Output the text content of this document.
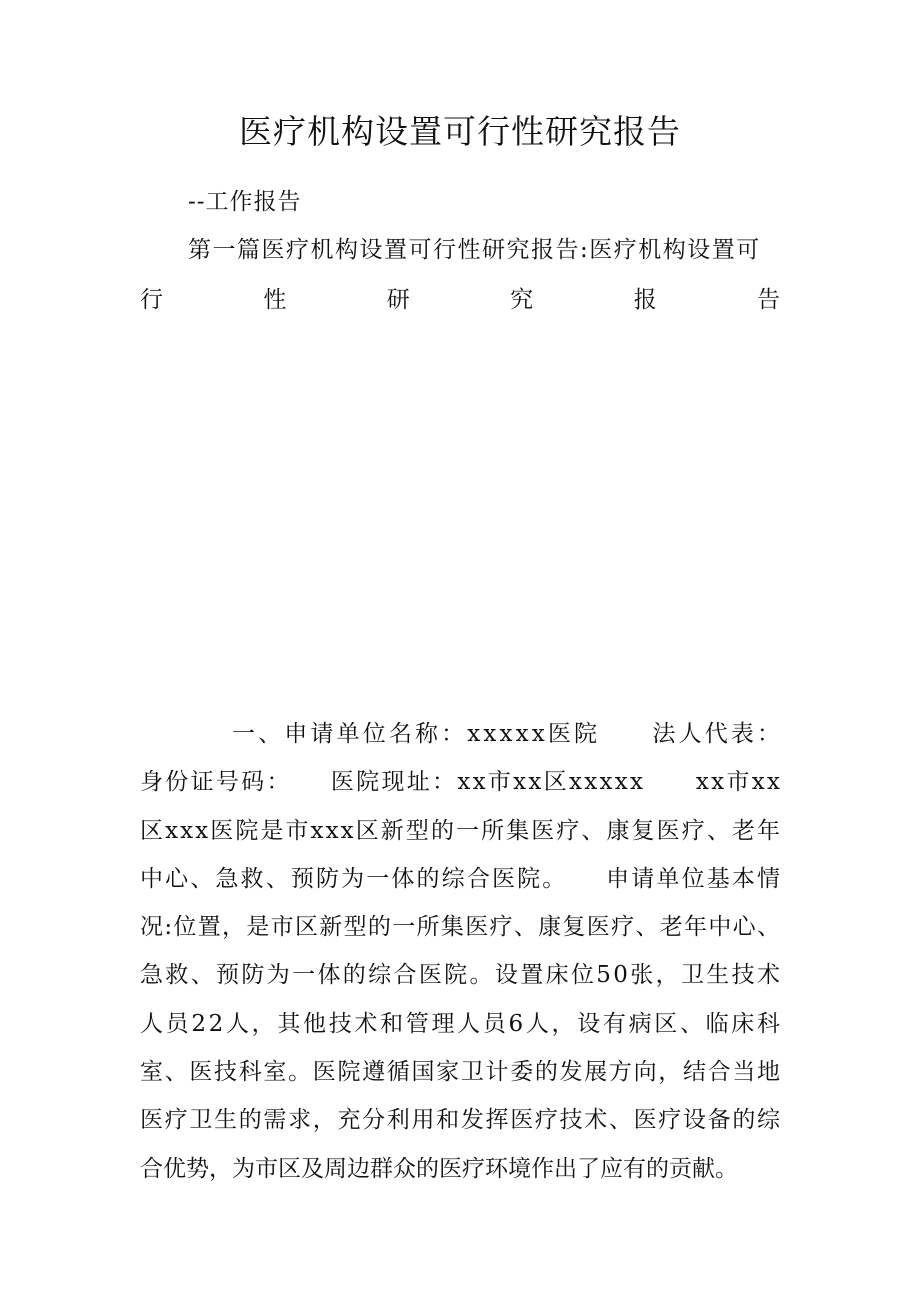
医疗机构设置可行性研究报告
--工作报告
第一篇医疗机构设置可行性研究报告:医疗机构设置可
行	性	研	究	报	告
一、申请单位名称：xxxxx医院　　法人代表：
身份证号码：　　医院现址：xx市xx区xxxxx　　xx市xx
区xxx医院是市xxx区新型的一所集医疗、康复医疗、老年
中心、急救、预防为一体的综合医院。　　申请单位基本情
况:位置，是市区新型的一所集医疗、康复医疗、老年中心、
急救、预防为一体的综合医院。设置床位50张，卫生技术
人员22人，其他技术和管理人员6人，设有病区、临床科
室、医技科室。医院遵循国家卫计委的发展方向，结合当地
医疗卫生的需求，充分利用和发挥医疗技术、医疗设备的综
合优势，为市区及周边群众的医疗环境作出了应有的贡献。
